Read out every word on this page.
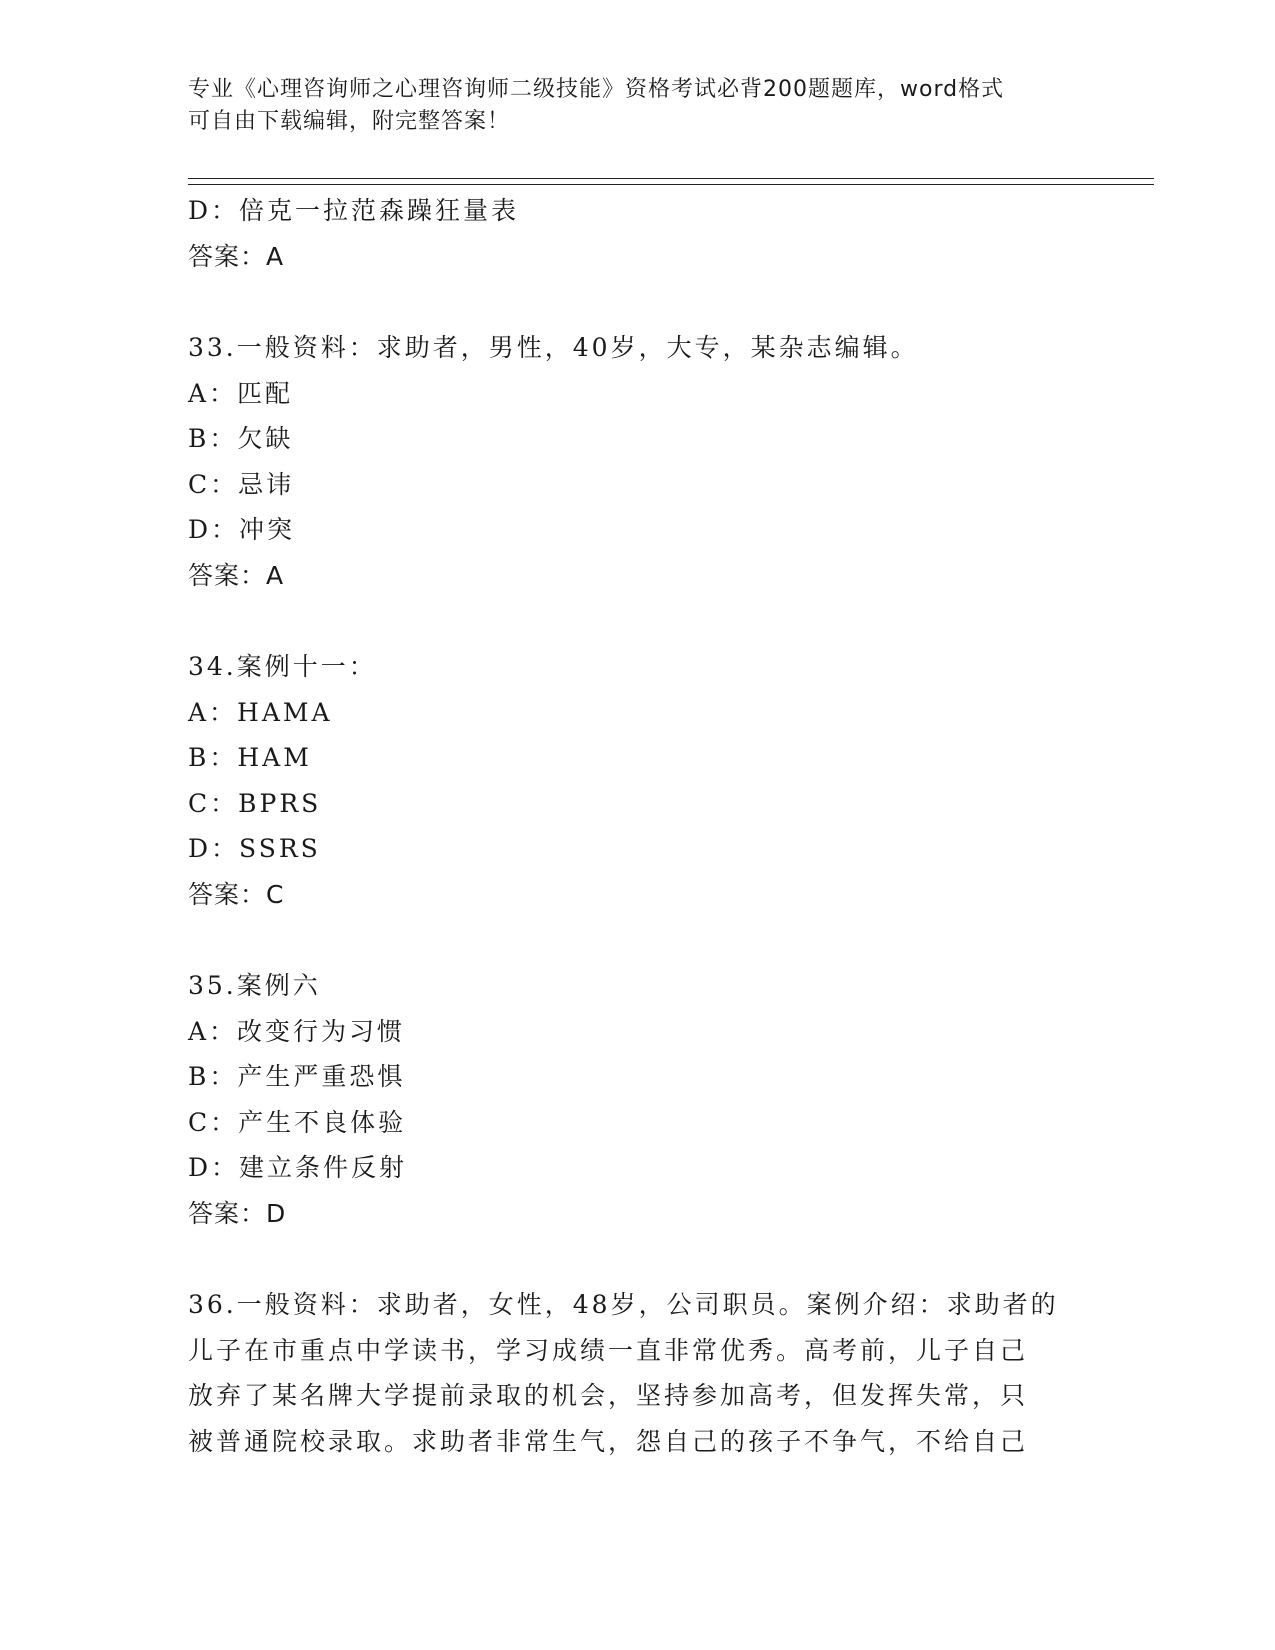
专业《心理咨询师之心理咨询师二级技能》资格考试必背200题题库，word格式

可自由下载编辑，附完整答案！

D：倍克一拉范森躁狂量表
答案：A
33.一般资料：求助者，男性，40岁，大专，某杂志编辑。
A：匹配
B：欠缺
C：忌讳
D：冲突
答案：A
34.案例十一：
A：HAMA
B：HAM
C：BPRS
D：SSRS
答案：C
35.案例六
A：改变行为习惯
B：产生严重恐惧
C：产生不良体验
D：建立条件反射
答案：D
36.一般资料：求助者，女性，48岁，公司职员。案例介绍：求助者的
儿子在市重点中学读书，学习成绩一直非常优秀。高考前，儿子自己
放弃了某名牌大学提前录取的机会，坚持参加高考，但发挥失常，只
被普通院校录取。求助者非常生气，怨自己的孩子不争气，不给自己
